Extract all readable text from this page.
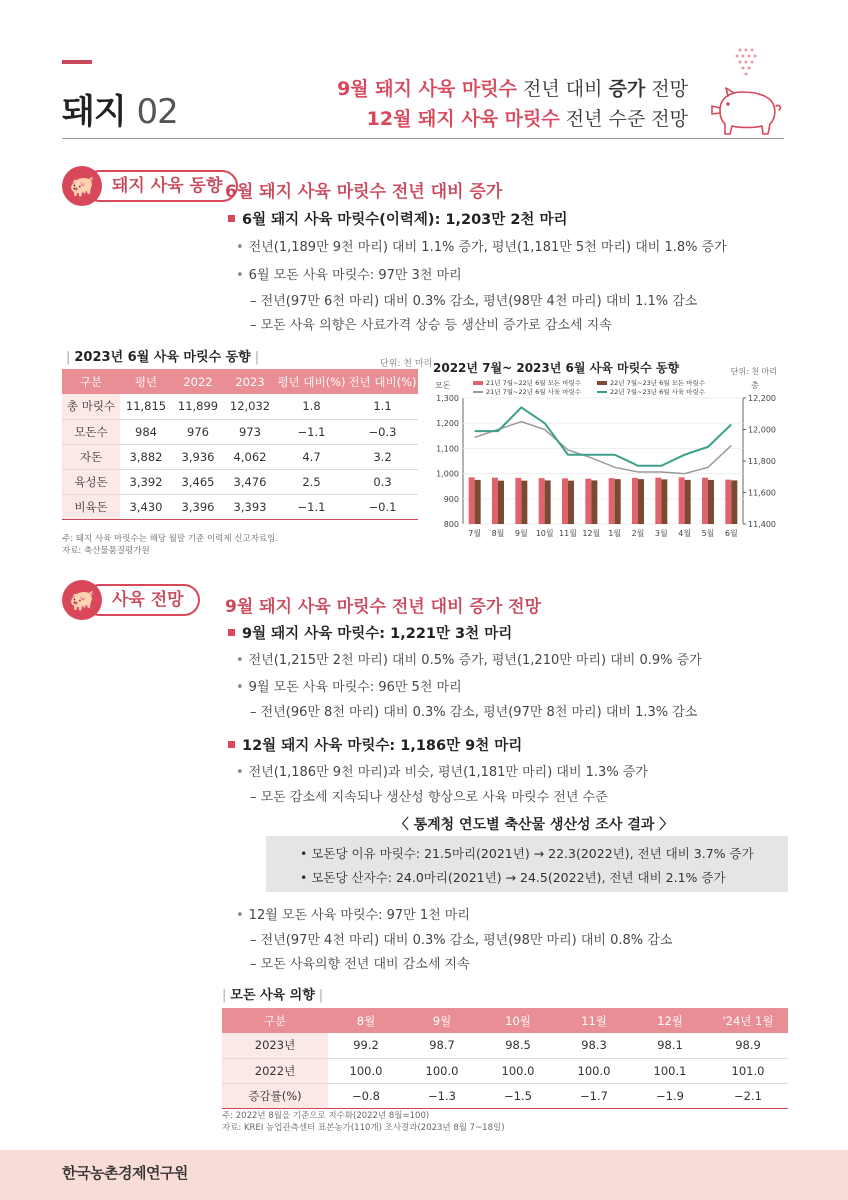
돼지 02
9월 돼지 사육 마릿수 전년 대비 증가 전망
12월 돼지 사육 마릿수 전년 수준 전망
돼지 사육 동향
🐖	6월 돼지 사육 마릿수 전년 대비 증가
6월 돼지 사육 마릿수(이력제): 1,203만 2천 마리
• 전년(1,189만 9천 마리) 대비 1.1% 증가, 평년(1,181만 5천 마리) 대비 1.8% 증가
• 6월 모돈 사육 마릿수: 97만 3천 마리
– 전년(97만 6천 마리) 대비 0.3% 감소, 평년(98만 4천 마리) 대비 1.1% 감소
– 모돈 사육 의향은 사료가격 상승 등 생산비 증가로 감소세 지속
| 2023년 6월 사육 마릿수 동향 |	단위: 천 마리
구분	평년	2022	2023	평년 대비(%)	전년 대비(%)
총 마릿수	11,815	11,899	12,032	1.8	1.1
모돈수	984	976	973	−1.1	−0.3
자돈	3,882	3,936	4,062	4.7	3.2
육성돈	3,392	3,465	3,476	2.5	0.3
비육돈	3,430	3,396	3,393	−1.1	−0.1
주: 돼지 사육 마릿수는 해당 월말 기준 이력제 신고자료임.
자료: 축산물품질평가원
2022년 7월~ 2023년 6월 사육 마릿수 동향	단위: 천 마리
모돈	총
21년 7월~22년 6월 모돈 마릿수
21년 7월~22년 6월 사육 마릿수
22년 7월~23년 6월 모돈 마릿수
22년 7월~23년 6월 사육 마릿수
800
900
1,000
1,100
1,200
1,300
11,400
11,600
11,800
12,000
12,200
7월 8월 9월 10월 11월 12월 1월 2월 3월 4월 5월 6월
사육 전망
🐖	9월 돼지 사육 마릿수 전년 대비 증가 전망
9월 돼지 사육 마릿수: 1,221만 3천 마리
• 전년(1,215만 2천 마리) 대비 0.5% 증가, 평년(1,210만 마리) 대비 0.9% 증가
• 9월 모돈 사육 마릿수: 96만 5천 마리
– 전년(96만 8천 마리) 대비 0.3% 감소, 평년(97만 8천 마리) 대비 1.3% 감소
12월 돼지 사육 마릿수: 1,186만 9천 마리
• 전년(1,186만 9천 마리)과 비슷, 평년(1,181만 마리) 대비 1.3% 증가
– 모돈 감소세 지속되나 생산성 향상으로 사육 마릿수 전년 수준
〈 통계청 연도별 축산물 생산성 조사 결과 〉
• 모돈당 이유 마릿수: 21.5마리(2021년) → 22.3(2022년), 전년 대비 3.7% 증가
• 모돈당 산자수: 24.0마리(2021년) → 24.5(2022년), 전년 대비 2.1% 증가
• 12월 모돈 사육 마릿수: 97만 1천 마리
– 전년(97만 4천 마리) 대비 0.3% 감소, 평년(98만 마리) 대비 0.8% 감소
– 모돈 사육의향 전년 대비 감소세 지속
| 모돈 사육 의향 |
구분	8월	9월	10월	11월	12월	'24년 1월
2023년	99.2	98.7	98.5	98.3	98.1	98.9
2022년	100.0	100.0	100.0	100.0	100.1	101.0
증감률(%)	−0.8	−1.3	−1.5	−1.7	−1.9	−2.1
주: 2022년 8월을 기준으로 지수화(2022년 8월=100)
자료: KREI 농업관측센터 표본농가(110개) 조사결과(2023년 8월 7~18일)
한국농촌경제연구원
